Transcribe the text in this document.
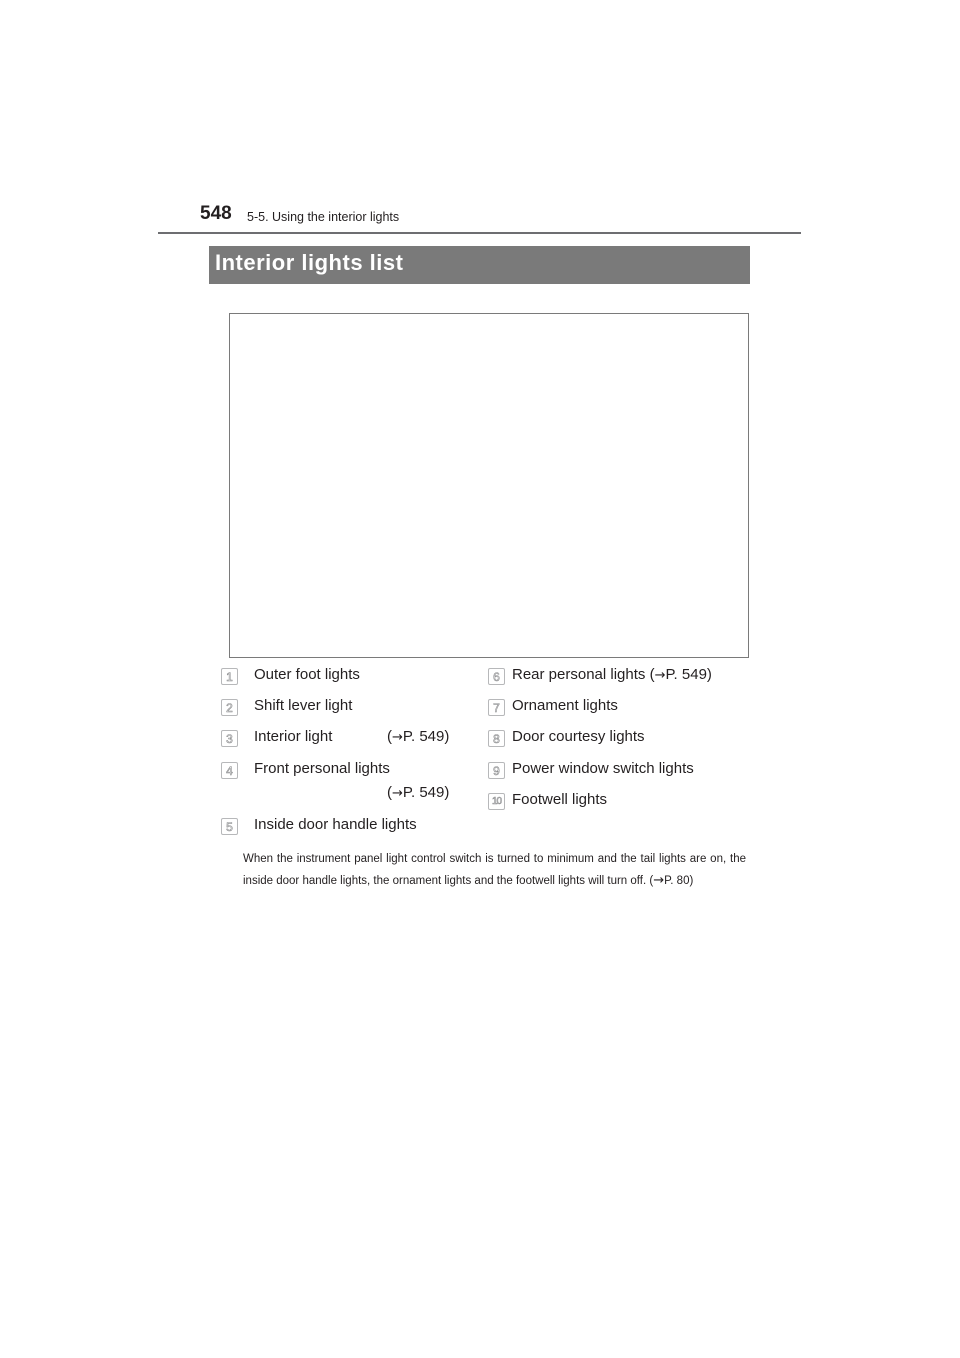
548 5-5. Using the interior lights
Interior lights list
1	Outer foot lights
2	Shift lever light
3	Interior light	(→P. 549)
4	Front personal lights
(→P. 549)
5	Inside door handle lights
6 Rear personal lights (→P. 549)
7 Ornament lights
8 Door courtesy lights
9 Power window switch lights
10 Footwell lights
When the instrument panel light control switch is turned to minimum and the tail lights are on, the inside door handle lights, the ornament lights and the footwell lights will turn off. (→P. 80)
